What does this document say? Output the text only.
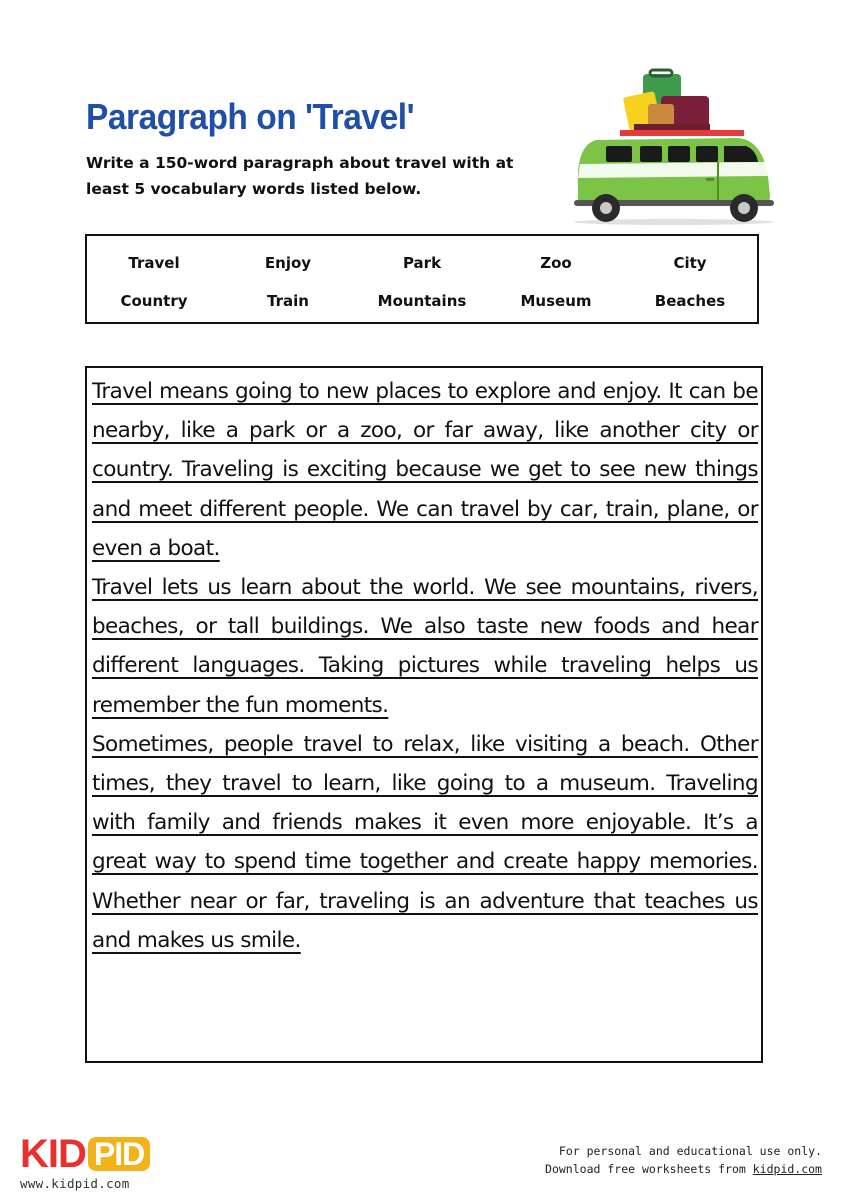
Paragraph on 'Travel'
Write a 150-word paragraph about travel with at least 5 vocabulary words listed below.
Travel	Enjoy	Park	Zoo	City
Country	Train	Mountains	Museum	Beaches

Travel means going to new places to explore and enjoy. It can be nearby, like a park or a zoo, or far away, like another city or country. Traveling is exciting because we get to see new things and meet different people. We can travel by car, train, plane, or even a boat.

Travel lets us learn about the world. We see mountains, rivers, beaches, or tall buildings. We also taste new foods and hear different languages. Taking pictures while traveling helps us remember the fun moments.

Sometimes, people travel to relax, like visiting a beach. Other times, they travel to learn, like going to a museum. Traveling with family and friends makes it even more enjoyable. It’s a great way to spend time together and create happy memories. Whether near or far, traveling is an adventure that teaches us and makes us smile.

KID PID
www.kidpid.com
For personal and educational use only.
Download free worksheets from kidpid.com
